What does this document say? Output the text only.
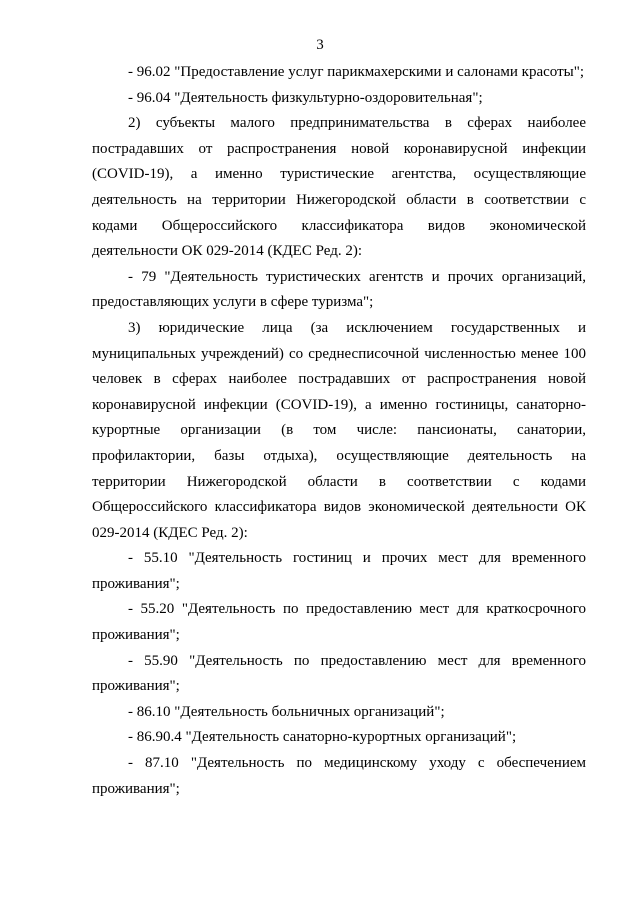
3

- 96.02 "Предоставление услуг парикмахерскими и салонами красоты";

- 96.04 "Деятельность физкультурно-оздоровительная";

2) субъекты малого предпринимательства в сферах наиболее пострадавших от распространения новой коронавирусной инфекции (COVID-19), а именно туристические агентства, осуществляющие деятельность на территории Нижегородской области в соответствии с кодами Общероссийского классификатора видов экономической деятельности ОК 029-2014 (КДЕС Ред. 2):

- 79 "Деятельность туристических агентств и прочих организаций, предоставляющих услуги в сфере туризма";

3) юридические лица (за исключением государственных и муниципальных учреждений) со среднесписочной численностью менее 100 человек в сферах наиболее пострадавших от распространения новой коронавирусной инфекции (COVID-19), а именно гостиницы, санаторно-курортные организации (в том числе: пансионаты, санатории, профилактории, базы отдыха), осуществляющие деятельность на территории Нижегородской области в соответствии с кодами Общероссийского классификатора видов экономической деятельности ОК 029-2014 (КДЕС Ред. 2):

- 55.10 "Деятельность гостиниц и прочих мест для временного проживания";

- 55.20 "Деятельность по предоставлению мест для краткосрочного проживания";

- 55.90 "Деятельность по предоставлению мест для временного проживания";

- 86.10 "Деятельность больничных организаций";

- 86.90.4 "Деятельность санаторно-курортных организаций";

- 87.10 "Деятельность по медицинскому уходу с обеспечением проживания";
